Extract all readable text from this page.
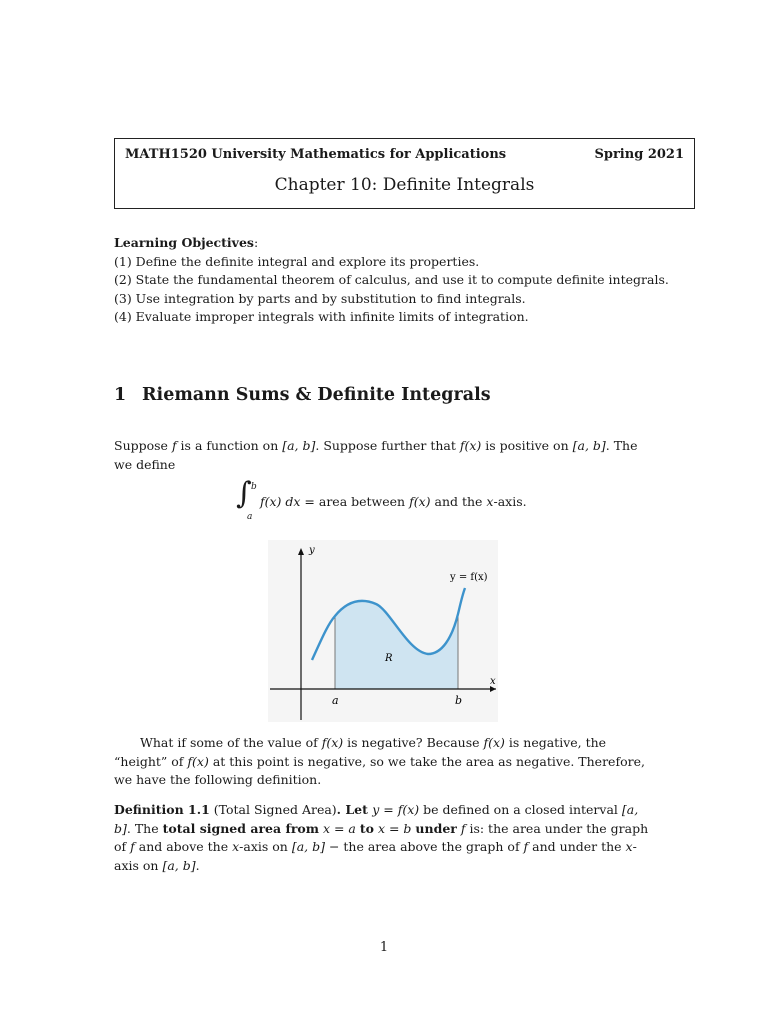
MATH1520 University Mathematics for Applications	Spring 2021
Chapter 10: Definite Integrals
Learning Objectives:
(1) Define the definite integral and explore its properties.
(2) State the fundamental theorem of calculus, and use it to compute definite integrals.
(3) Use integration by parts and by substitution to find integrals.
(4) Evaluate improper integrals with infinite limits of integration.
1 Riemann Sums & Definite Integrals
Suppose f is a function on [a, b]. Suppose further that f(x) is positive on [a, b]. The we define
∫ b
a
f(x) dx = area between f(x) and the x-axis.
y
x
y = f(x)
R
a	b
What if some of the value of f(x) is negative? Because f(x) is negative, the “height” of f(x) at this point is negative, so we take the area as negative. Therefore, we have the following definition.
Definition 1.1 (Total Signed Area). Let y = f(x) be defined on a closed interval [a, b]. The total signed area from x = a to x = b under f is: the area under the graph of f and above the x-axis on [a, b] − the area above the graph of f and under the x-axis on [a, b].
1
